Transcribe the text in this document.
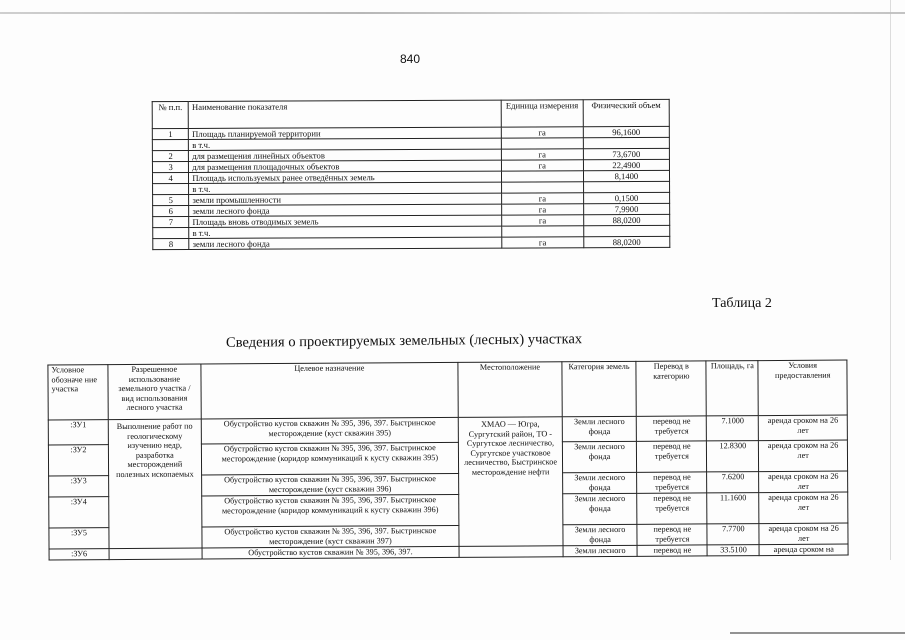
840
№ п.п.	Наименование показателя	Единица измерения	Физический объем
1	Площадь планируемой территории	га	96,1600
	в т.ч.		
2	для размещения линейных объектов	га	73,6700
3	для размещения площадочных объектов	га	22,4900
4	Площадь используемых ранее отведённых земель		8,1400
	в т.ч.		
5	земли промышленности	га	0,1500
6	земли лесного фонда	га	7,9900
7	Площадь вновь отводимых земель	га	88,0200
	в т.ч.		
8	земли лесного фонда	га	88,0200
Таблица 2
Сведения о проектируемых земельных (лесных) участках
Условное обозначе ние участка	Разрешенное использование земельного участка / вид использования лесного участка	Целевое назначение	Местоположение	Категория земель	Перевод в категорию	Площадь, га	Условия предоставления
:ЗУ1	Выполнение работ по геологическому изучению недр, разработка месторождений полезных ископаемых	Обустройство кустов скважин № 395, 396, 397. Быстринское месторождение (куст скважин 395)	ХМАО — Югра, Сургутский район, ТО - Сургутское лесничество, Сургутское участковое лесничество, Быстринское месторождение нефти	Земли лесного фонда	перевод не требуется	7.1000	аренда сроком на 26 лет
:ЗУ2		Обустройство кустов скважин № 395, 396, 397. Быстринское месторождение (коридор коммуникаций к кусту скважин 395)		Земли лесного фонда	перевод не требуется	12.8300	аренда сроком на 26 лет
:ЗУ3		Обустройство кустов скважин № 395, 396, 397. Быстринское месторождение (куст скважин 396)		Земли лесного фонда	перевод не требуется	7.6200	аренда сроком на 26 лет
:ЗУ4		Обустройство кустов скважин № 395, 396, 397. Быстринское месторождение (коридор коммуникаций к кусту скважин 396)		Земли лесного фонда	перевод не требуется	11.1600	аренда сроком на 26 лет
:ЗУ5		Обустройство кустов скважин № 395, 396, 397. Быстринское месторождение (куст скважин 397)		Земли лесного фонда	перевод не требуется	7.7700	аренда сроком на 26 лет
:ЗУ6		Обустройство кустов скважин № 395, 396, 397.		Земли лесного	перевод не	33.5100	аренда сроком на
